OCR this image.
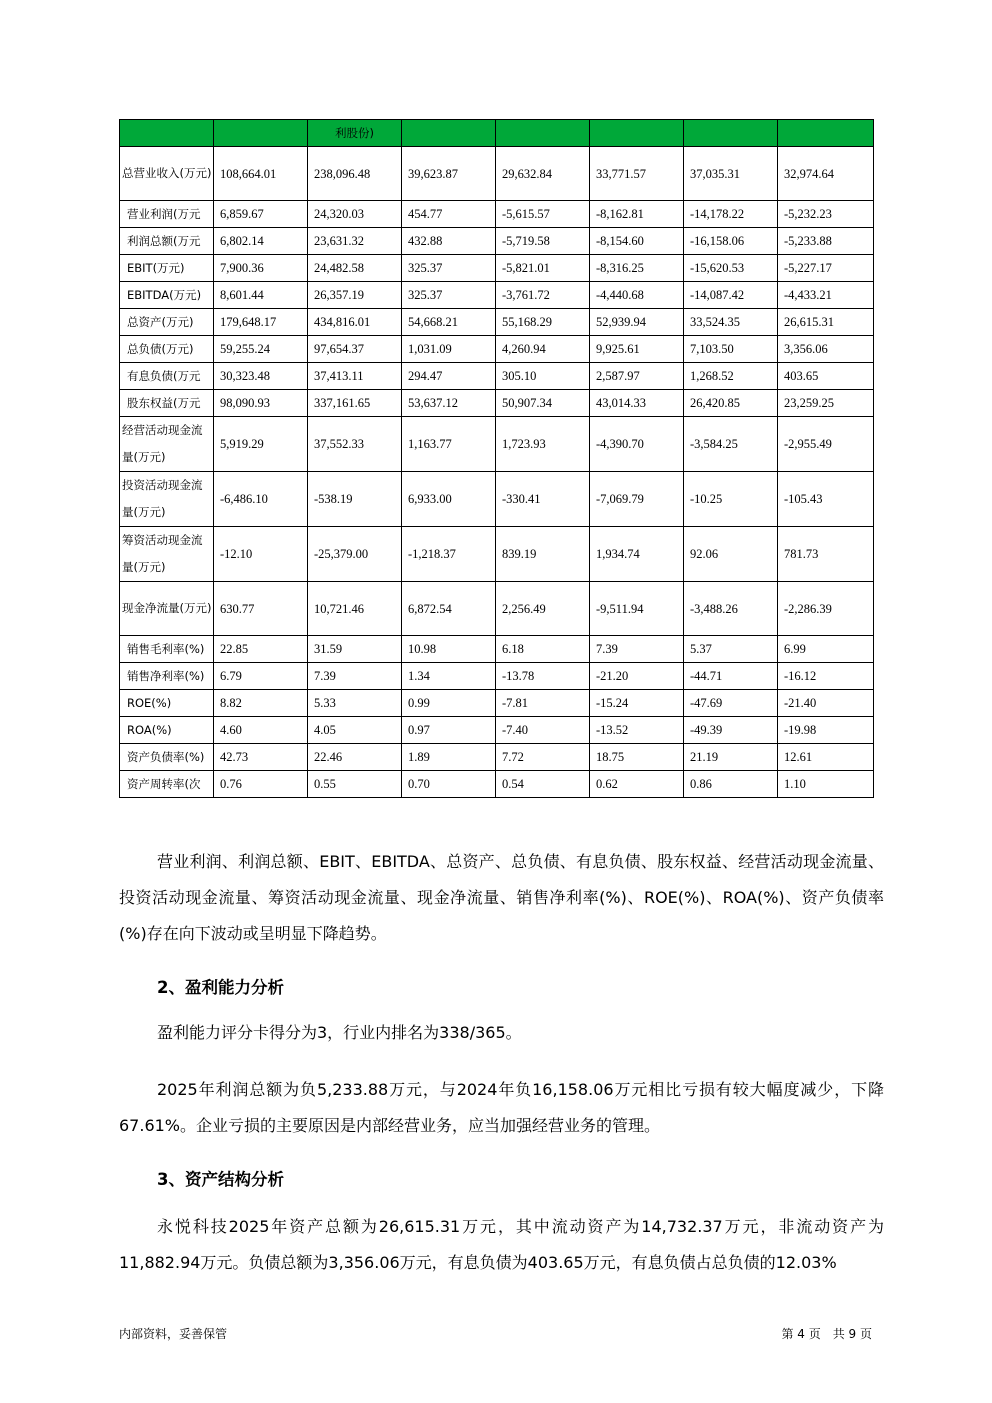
		利股份)					
总营业收入(万元)	108,664.01	238,096.48	39,623.87	29,632.84	33,771.57	37,035.31	32,974.64
营业利润(万元	6,859.67	24,320.03	454.77	-5,615.57	-8,162.81	-14,178.22	-5,232.23
利润总额(万元	6,802.14	23,631.32	432.88	-5,719.58	-8,154.60	-16,158.06	-5,233.88
EBIT(万元)	7,900.36	24,482.58	325.37	-5,821.01	-8,316.25	-15,620.53	-5,227.17
EBITDA(万元)	8,601.44	26,357.19	325.37	-3,761.72	-4,440.68	-14,087.42	-4,433.21
总资产(万元)	179,648.17	434,816.01	54,668.21	55,168.29	52,939.94	33,524.35	26,615.31
总负债(万元)	59,255.24	97,654.37	1,031.09	4,260.94	9,925.61	7,103.50	3,356.06
有息负债(万元	30,323.48	37,413.11	294.47	305.10	2,587.97	1,268.52	403.65
股东权益(万元	98,090.93	337,161.65	53,637.12	50,907.34	43,014.33	26,420.85	23,259.25
经营活动现金流量(万元)	5,919.29	37,552.33	1,163.77	1,723.93	-4,390.70	-3,584.25	-2,955.49
投资活动现金流量(万元)	-6,486.10	-538.19	6,933.00	-330.41	-7,069.79	-10.25	-105.43
筹资活动现金流量(万元)	-12.10	-25,379.00	-1,218.37	839.19	1,934.74	92.06	781.73
现金净流量(万元)	630.77	10,721.46	6,872.54	2,256.49	-9,511.94	-3,488.26	-2,286.39
销售毛利率(%)	22.85	31.59	10.98	6.18	7.39	5.37	6.99
销售净利率(%)	6.79	7.39	1.34	-13.78	-21.20	-44.71	-16.12
ROE(%)	8.82	5.33	0.99	-7.81	-15.24	-47.69	-21.40
ROA(%)	4.60	4.05	0.97	-7.40	-13.52	-49.39	-19.98
资产负债率(%)	42.73	22.46	1.89	7.72	18.75	21.19	12.61
资产周转率(次	0.76	0.55	0.70	0.54	0.62	0.86	1.10
营业利润、利润总额、EBIT、EBITDA、总资产、总负债、有息负债、股东权益、经营活动现金流量、投资活动现金流量、筹资活动现金流量、现金净流量、销售净利率(%)、ROE(%)、ROA(%)、资产负债率(%)存在向下波动或呈明显下降趋势。
2、盈利能力分析
盈利能力评分卡得分为3，行业内排名为338/365。
2025年利润总额为负5,233.88万元，与2024年负16,158.06万元相比亏损有较大幅度减少，下降67.61%。企业亏损的主要原因是内部经营业务，应当加强经营业务的管理。
3、资产结构分析
永悦科技2025年资产总额为26,615.31万元，其中流动资产为14,732.37万元，非流动资产为11,882.94万元。负债总额为3,356.06万元，有息负债为403.65万元，有息负债占总负债的12.03%
内部资料，妥善保管	第 4 页　共 9 页
